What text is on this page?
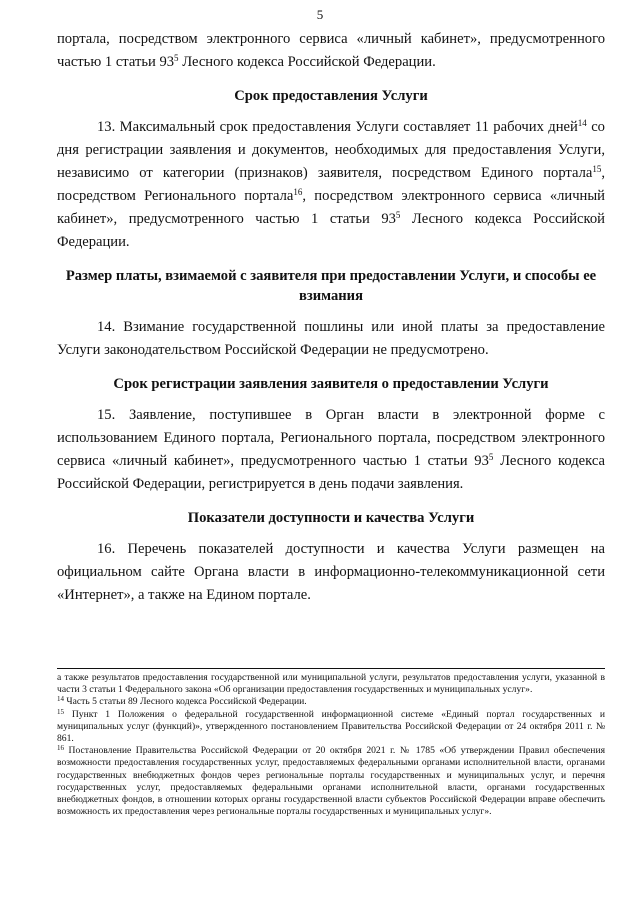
5

портала, посредством электронного сервиса «личный кабинет», предусмотренного частью 1 статьи $93^5$ Лесного кодекса Российской Федерации.

Срок предоставления Услуги

13. Максимальный срок предоставления Услуги составляет 11 рабочих дней$^{14}$ со дня регистрации заявления и документов, необходимых для предоставления Услуги, независимо от категории (признаков) заявителя, посредством Единого портала$^{15}$, посредством Регионального портала$^{16}$, посредством электронного сервиса «личный кабинет», предусмотренного частью 1 статьи $93^5$ Лесного кодекса Российской Федерации.

Размер платы, взимаемой с заявителя при предоставлении Услуги, и способы ее взимания

14. Взимание государственной пошлины или иной платы за предоставление Услуги законодательством Российской Федерации не предусмотрено.

Срок регистрации заявления заявителя о предоставлении Услуги

15. Заявление, поступившее в Орган власти в электронной форме с использованием Единого портала, Регионального портала, посредством электронного сервиса «личный кабинет», предусмотренного частью 1 статьи $93^5$ Лесного кодекса Российской Федерации, регистрируется в день подачи заявления.

Показатели доступности и качества Услуги

16. Перечень показателей доступности и качества Услуги размещен на официальном сайте Органа власти в информационно-телекоммуникационной сети «Интернет», а также на Едином портале.

а также результатов предоставления государственной или муниципальной услуги, результатов предоставления услуги, указанной в части 3 статьи 1 Федерального закона «Об организации предоставления государственных и муниципальных услуг».

$^{14}$ Часть 5 статьи 89 Лесного кодекса Российской Федерации.

$^{15}$ Пункт 1 Положения о федеральной государственной информационной системе «Единый портал государственных и муниципальных услуг (функций)», утвержденного постановлением Правительства Российской Федерации от 24 октября 2011 г. № 861.

$^{16}$ Постановление Правительства Российской Федерации от 20 октября 2021 г. № 1785 «Об утверждении Правил обеспечения возможности предоставления государственных услуг, предоставляемых федеральными органами исполнительной власти, органами государственных внебюджетных фондов через региональные порталы государственных и муниципальных услуг, и перечня государственных услуг, предоставляемых федеральными органами исполнительной власти, органами государственных внебюджетных фондов, в отношении которых органы государственной власти субъектов Российской Федерации вправе обеспечить возможность их предоставления через региональные порталы государственных и муниципальных услуг».
